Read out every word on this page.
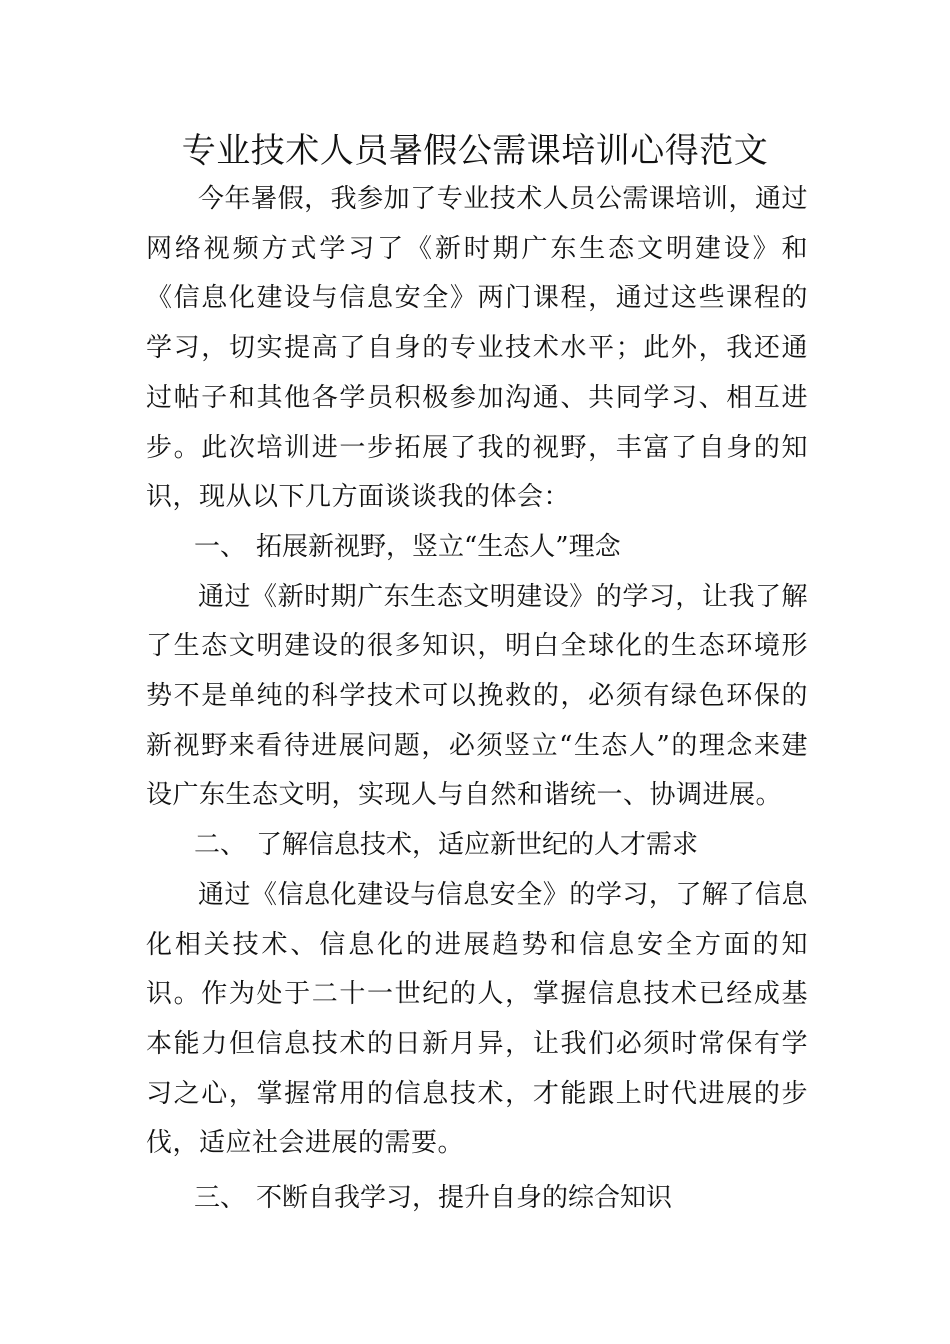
专业技术人员暑假公需课培训心得范文

今年暑假，我参加了专业技术人员公需课培训，通过网络视频方式学习了《新时期广东生态文明建设》和《信息化建设与信息安全》两门课程，通过这些课程的学习，切实提高了自身的专业技术水平；此外，我还通过帖子和其他各学员积极参加沟通、共同学习、相互进步。此次培训进一步拓展了我的视野，丰富了自身的知识，现从以下几方面谈谈我的体会：

一、 拓展新视野，竖立“生态人”理念

通过《新时期广东生态文明建设》的学习，让我了解了生态文明建设的很多知识，明白全球化的生态环境形势不是单纯的科学技术可以挽救的，必须有绿色环保的新视野来看待进展问题，必须竖立“生态人”的理念来建设广东生态文明，实现人与自然和谐统一、协调进展。

二、 了解信息技术，适应新世纪的人才需求

通过《信息化建设与信息安全》的学习，了解了信息化相关技术、信息化的进展趋势和信息安全方面的知识。作为处于二十一世纪的人，掌握信息技术已经成基本能力但信息技术的日新月异，让我们必须时常保有学习之心，掌握常用的信息技术，才能跟上时代进展的步伐，适应社会进展的需要。

三、 不断自我学习，提升自身的综合知识
